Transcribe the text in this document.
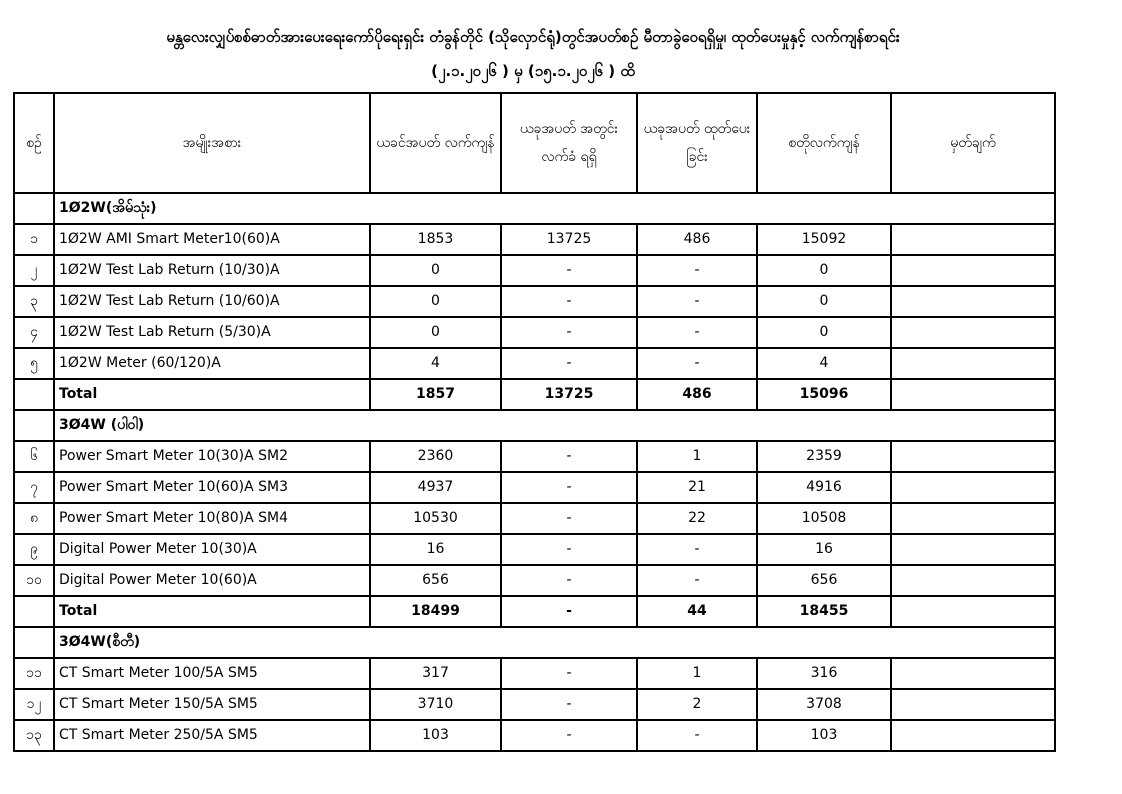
မန္တလေးလျှပ်စစ်ဓာတ်အားပေးရေးကော်ပိုရေးရှင်း တံခွန်တိုင် (သိုလှောင်ရုံ)တွင်အပတ်စဉ် မီတာခွဲဝေရရှိမှု၊ ထုတ်ပေးမှုနှင့် လက်ကျန်စာရင်း
(၂.၁.၂၀၂၆ ) မှ (၁၅.၁.၂၀၂၆ ) ထိ
စဉ်	အမျိုးအစား	ယခင်အပတ် လက်ကျန်	ယခုအပတ် အတွင်းလက်ခံ ရရှိ	ယခုအပတ် ထုတ်ပေးခြင်း	စတိုလက်ကျန်	မှတ်ချက်
	1Ø2W(အိမ်သုံး)					
၁	1Ø2W AMI Smart Meter10(60)A	1853	13725	486	15092	
၂	1Ø2W Test Lab Return (10/30)A	0	-	-	0	
၃	1Ø2W Test Lab Return (10/60)A	0	-	-	0	
၄	1Ø2W Test Lab Return (5/30)A	0	-	-	0	
၅	1Ø2W Meter (60/120)A	4	-	-	4	
	Total	1857	13725	486	15096	
	3Ø4W (ပါဝါ)					
၆	Power Smart Meter 10(30)A SM2	2360	-	1	2359	
၇	Power Smart Meter 10(60)A SM3	4937	-	21	4916	
၈	Power Smart Meter 10(80)A SM4	10530	-	22	10508	
၉	Digital Power Meter 10(30)A	16	-	-	16	
၁၀	Digital Power Meter 10(60)A	656	-	-	656	
	Total	18499	-	44	18455	
	3Ø4W(စီတီ)					
၁၁	CT Smart Meter 100/5A SM5	317	-	1	316	
၁၂	CT Smart Meter 150/5A SM5	3710	-	2	3708	
၁၃	CT Smart Meter 250/5A SM5	103	-	-	103	
